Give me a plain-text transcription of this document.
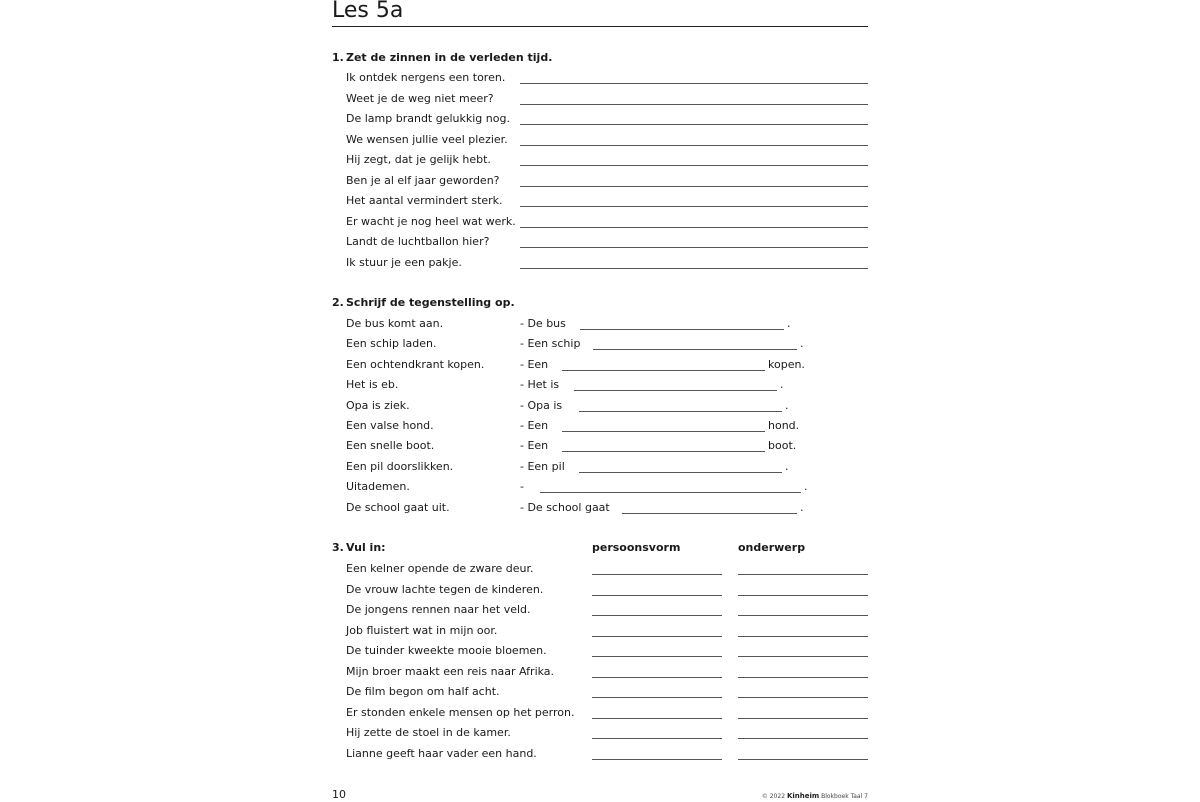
Les 5a
1. Zet de zinnen in de verleden tijd.
Ik ontdek nergens een toren.
Weet je de weg niet meer?
De lamp brandt gelukkig nog.
We wensen jullie veel plezier.
Hij zegt, dat je gelijk hebt.
Ben je al elf jaar geworden?
Het aantal vermindert sterk.
Er wacht je nog heel wat werk.
Landt de luchtballon hier?
Ik stuur je een pakje.
2. Schrijf de tegenstelling op.
De bus komt aan.	- De bus	.
Een schip laden.	- Een schip	.
Een ochtendkrant kopen.	- Een	kopen.
Het is eb.	- Het is	.
Opa is ziek.	- Opa is	.
Een valse hond.	- Een	hond.
Een snelle boot.	- Een	boot.
Een pil doorslikken.	- Een pil	.
Uitademen.	-	.
De school gaat uit.	- De school gaat	.
3. Vul in:	persoonsvorm	onderwerp
Een kelner opende de zware deur.
De vrouw lachte tegen de kinderen.
De jongens rennen naar het veld.
Job fluistert wat in mijn oor.
De tuinder kweekte mooie bloemen.
Mijn broer maakt een reis naar Afrika.
De film begon om half acht.
Er stonden enkele mensen op het perron.
Hij zette de stoel in de kamer.
Lianne geeft haar vader een hand.
10	© 2022 Kinheim Blokboek Taal 7
